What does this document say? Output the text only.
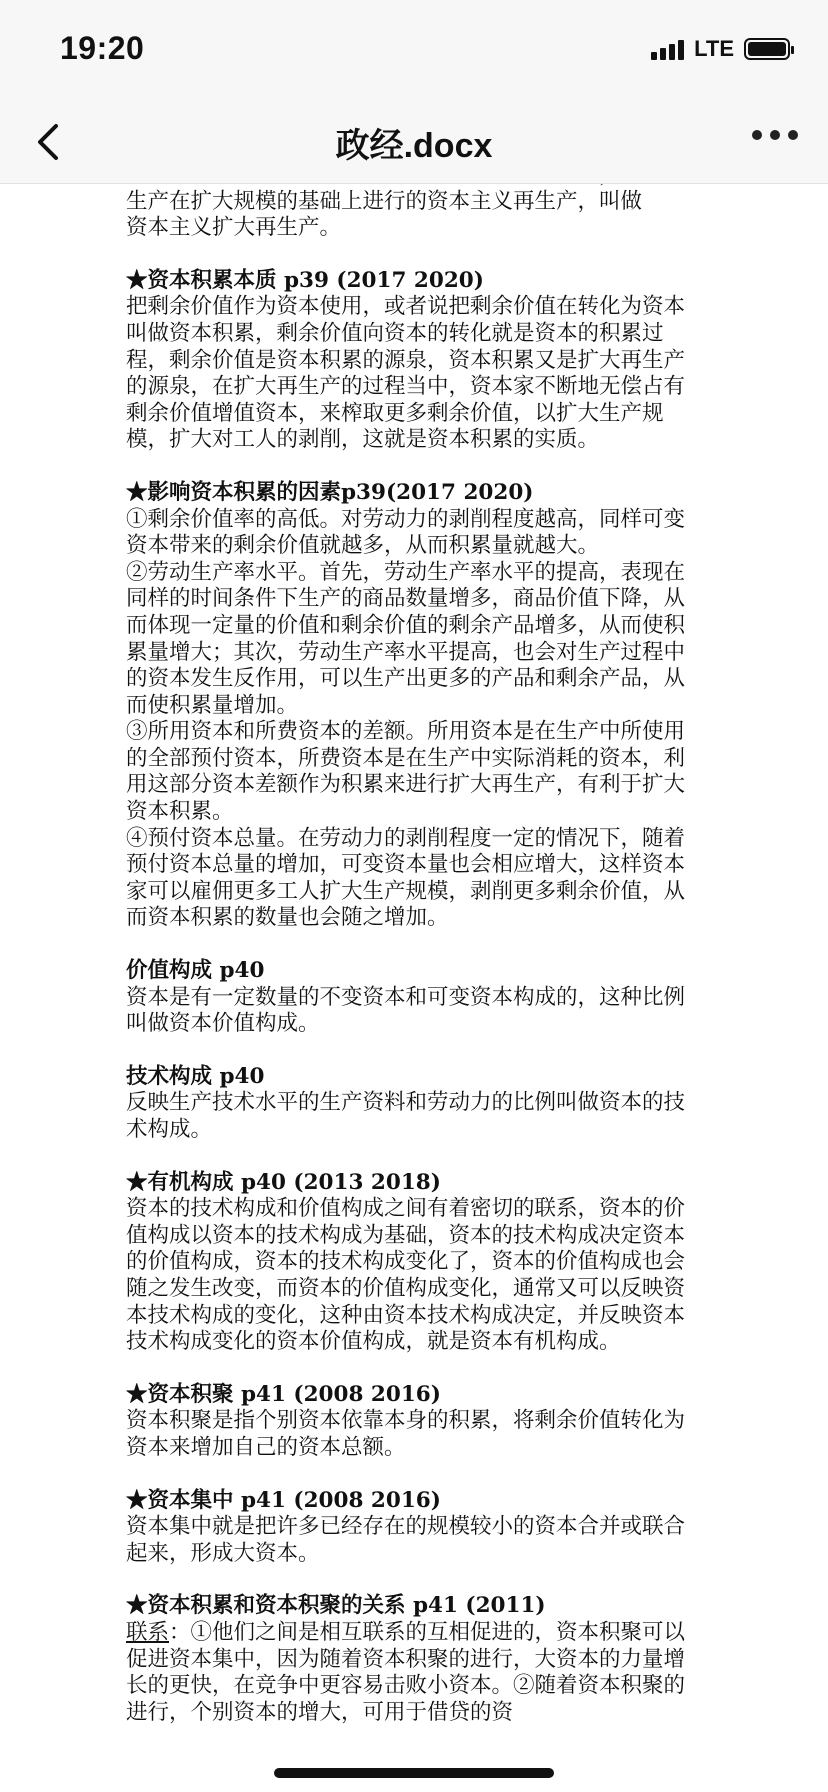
19:20	LTE
政经.docx

生产在扩大规模的基础上进行的资本主义再生产，叫做

资本主义扩大再生产。

★资本积累本质 p39 (2017 2020)

把剩余价值作为资本使用，或者说把剩余价值在转化为资本叫做资本积累，剩余价值向资本的转化就是资本的积累过程，剩余价值是资本积累的源泉，资本积累又是扩大再生产的源泉，在扩大再生产的过程当中，资本家不断地无偿占有剩余价值增值资本，来榨取更多剩余价值，以扩大生产规模，扩大对工人的剥削，这就是资本积累的实质。

★影响资本积累的因素p39(2017 2020)

①剩余价值率的高低。对劳动力的剥削程度越高，同样可变资本带来的剩余价值就越多，从而积累量就越大。

②劳动生产率水平。首先，劳动生产率水平的提高，表现在同样的时间条件下生产的商品数量增多，商品价值下降，从而体现一定量的价值和剩余价值的剩余产品增多，从而使积累量增大；其次，劳动生产率水平提高，也会对生产过程中的资本发生反作用，可以生产出更多的产品和剩余产品，从而使积累量增加。

③所用资本和所费资本的差额。所用资本是在生产中所使用的全部预付资本，所费资本是在生产中实际消耗的资本，利用这部分资本差额作为积累来进行扩大再生产，有利于扩大资本积累。

④预付资本总量。在劳动力的剥削程度一定的情况下，随着预付资本总量的增加，可变资本量也会相应增大，这样资本家可以雇佣更多工人扩大生产规模，剥削更多剩余价值，从而资本积累的数量也会随之增加。

价值构成 p40

资本是有一定数量的不变资本和可变资本构成的，这种比例叫做资本价值构成。

技术构成 p40

反映生产技术水平的生产资料和劳动力的比例叫做资本的技术构成。

★有机构成 p40 (2013 2018)

资本的技术构成和价值构成之间有着密切的联系，资本的价值构成以资本的技术构成为基础，资本的技术构成决定资本的价值构成，资本的技术构成变化了，资本的价值构成也会随之发生改变，而资本的价值构成变化，通常又可以反映资本技术构成的变化，这种由资本技术构成决定，并反映资本技术构成变化的资本价值构成，就是资本有机构成。

★资本积聚 p41 (2008 2016)

资本积聚是指个别资本依靠本身的积累，将剩余价值转化为资本来增加自己的资本总额。

★资本集中 p41 (2008 2016)

资本集中就是把许多已经存在的规模较小的资本合并或联合起来，形成大资本。

★资本积累和资本积聚的关系 p41 (2011)

联系：①他们之间是相互联系的互相促进的，资本积聚可以促进资本集中，因为随着资本积聚的进行，大资本的力量增长的更快，在竞争中更容易击败小资本。②随着资本积聚的进行，个别资本的增大，可用于借贷的资
